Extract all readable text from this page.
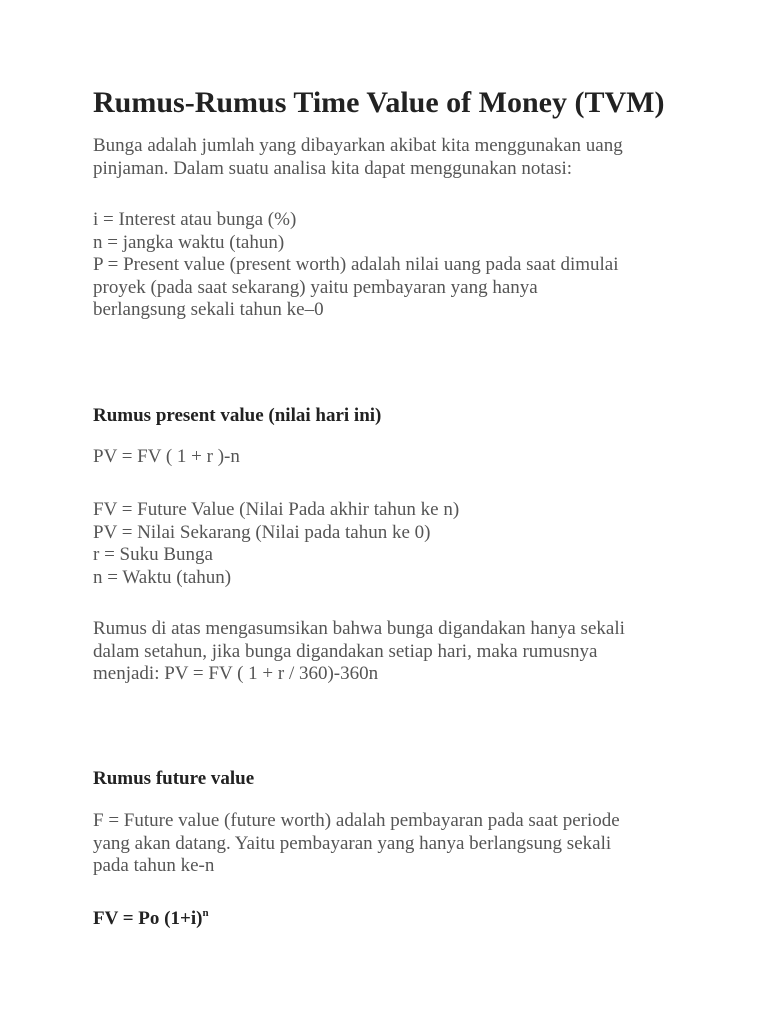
Rumus-Rumus Time Value of Money (TVM)

Bunga adalah jumlah yang dibayarkan akibat kita menggunakan uang
pinjaman. Dalam suatu analisa kita dapat menggunakan notasi:

i = Interest atau bunga (%)
n = jangka waktu (tahun)
P = Present value (present worth) adalah nilai uang pada saat dimulai
proyek (pada saat sekarang) yaitu pembayaran yang hanya
berlangsung sekali tahun ke–0

Rumus present value (nilai hari ini)

PV = FV ( 1 + r )-n

FV = Future Value (Nilai Pada akhir tahun ke n)
PV = Nilai Sekarang (Nilai pada tahun ke 0)
r = Suku Bunga
n = Waktu (tahun)

Rumus di atas mengasumsikan bahwa bunga digandakan hanya sekali
dalam setahun, jika bunga digandakan setiap hari, maka rumusnya
menjadi: PV = FV ( 1 + r / 360)-360n

Rumus future value

F = Future value (future worth) adalah pembayaran pada saat periode
yang akan datang. Yaitu pembayaran yang hanya berlangsung sekali
pada tahun ke-n

FV = Po $(1+i)^n$
